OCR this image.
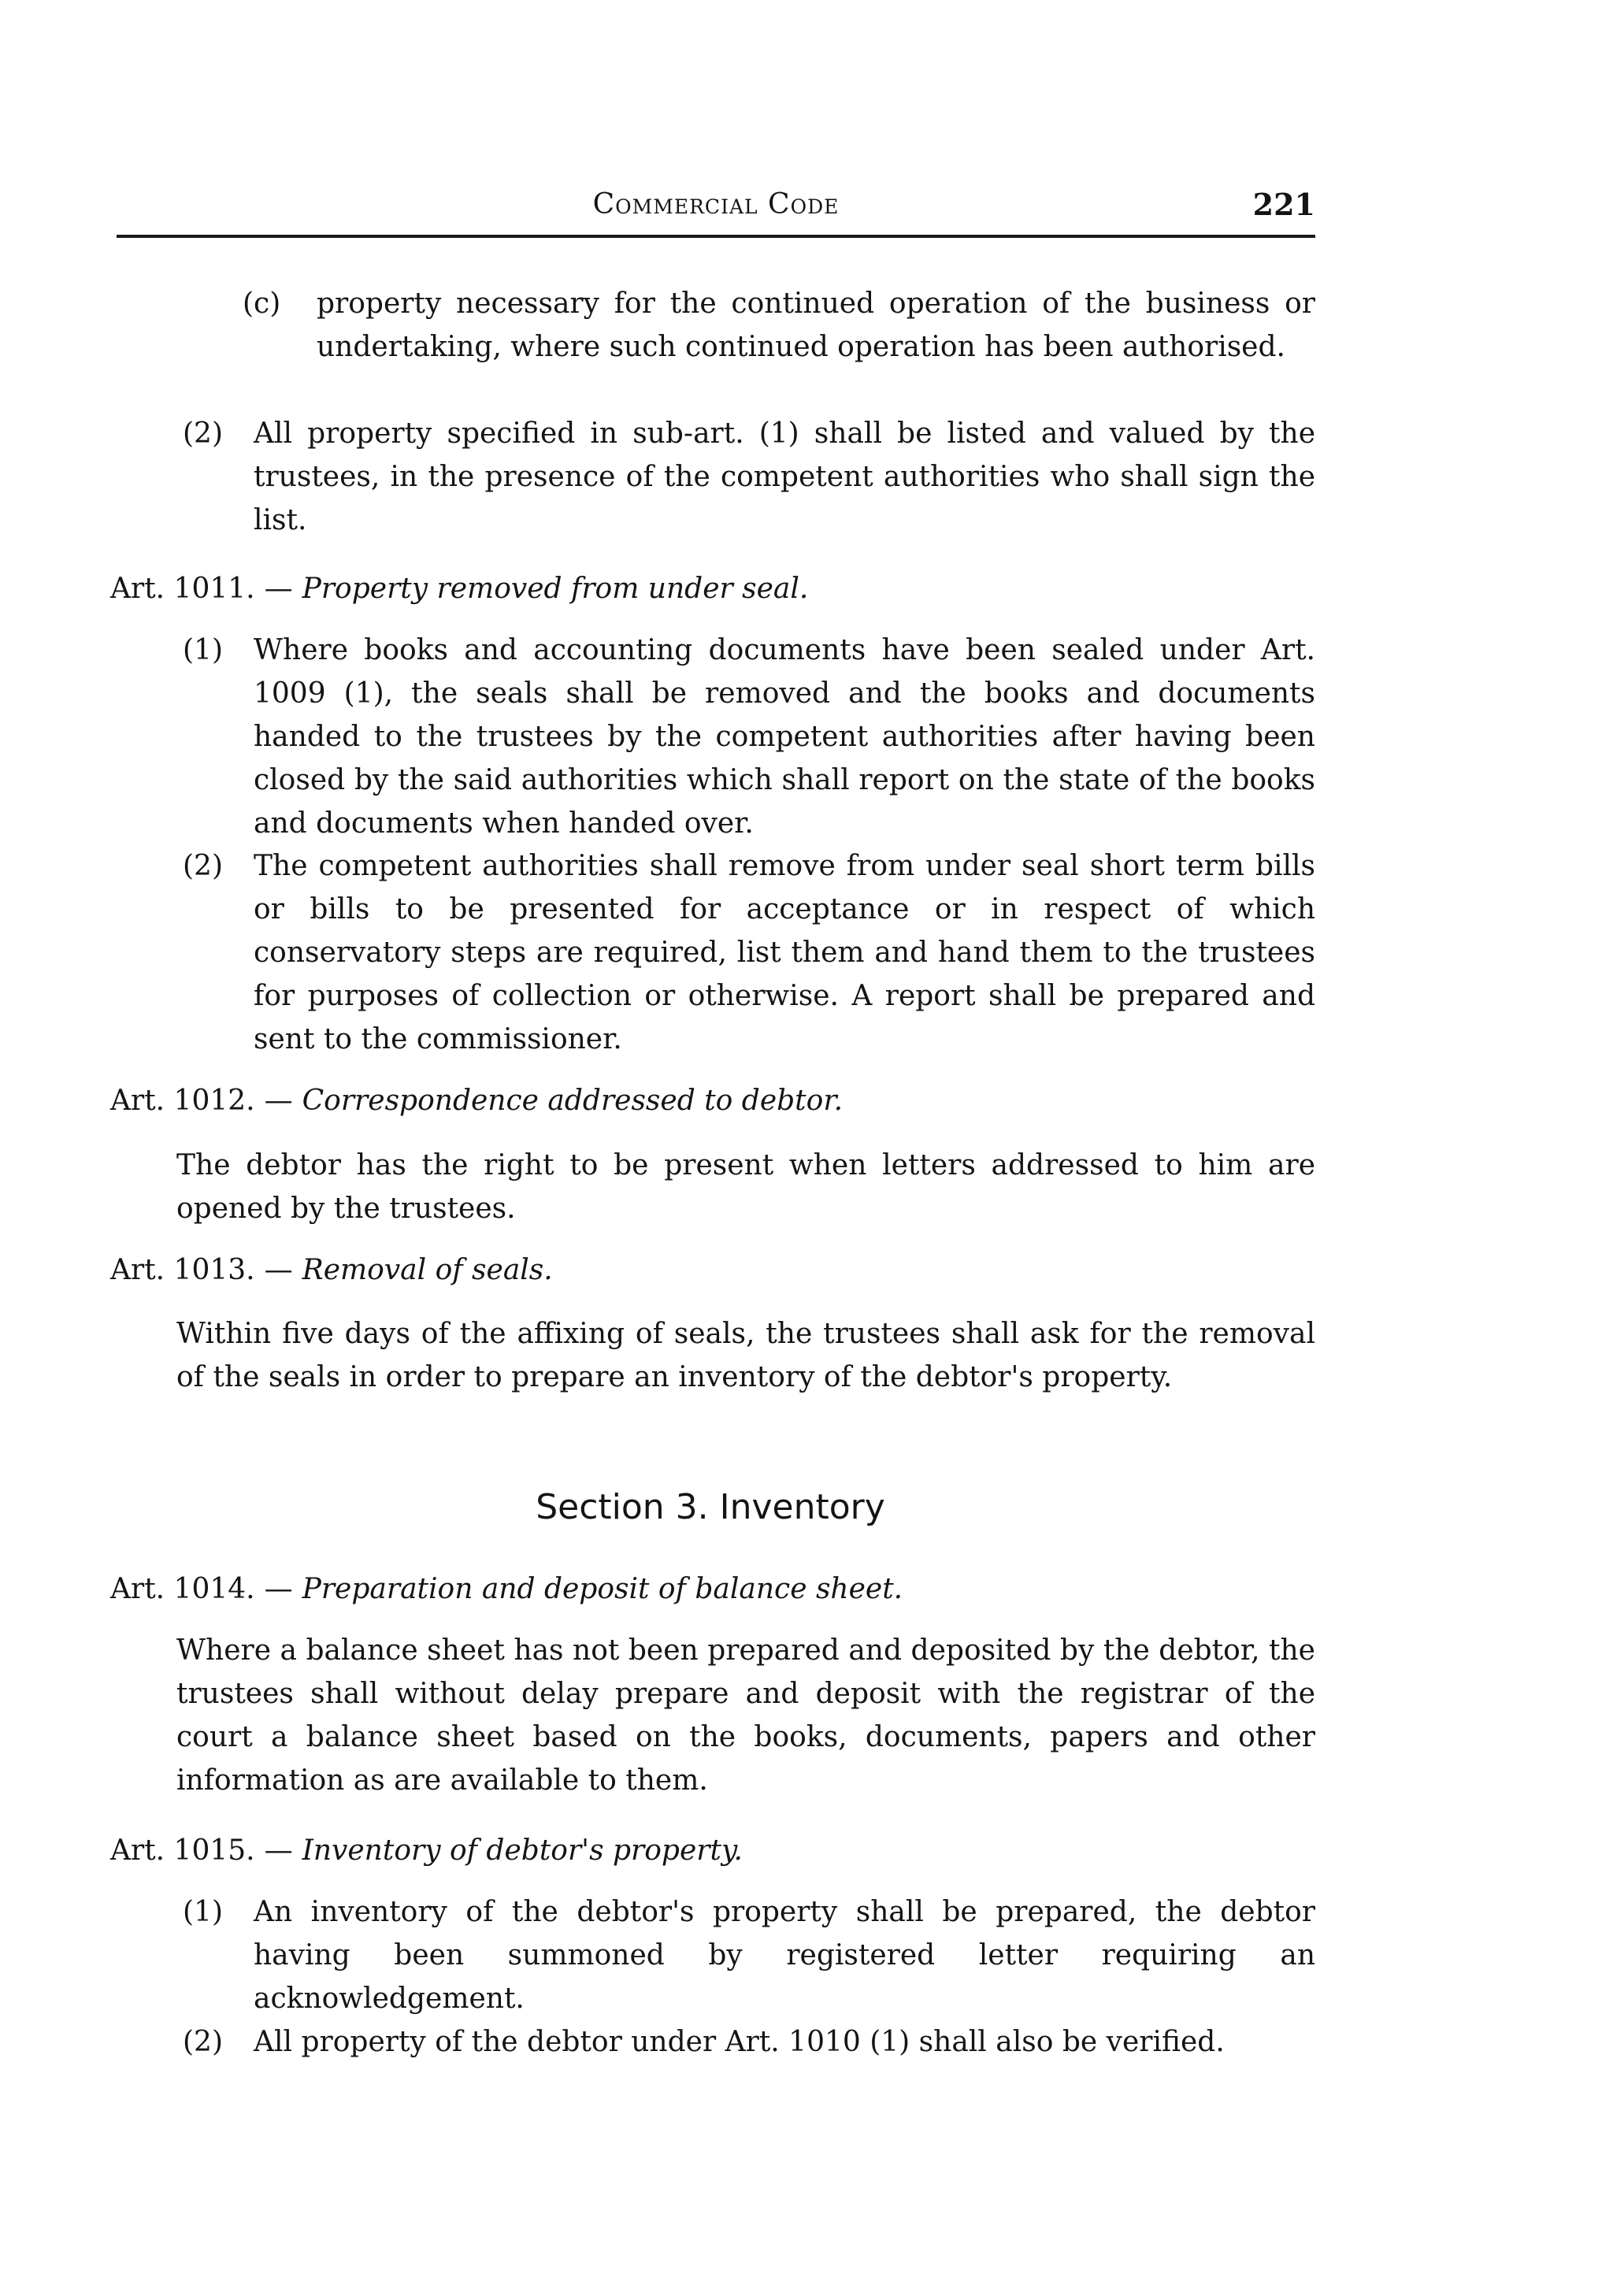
Commercial Code	221
(c) property necessary for the continued operation of the business or undertaking, where such continued operation has been authorised.
(2) All property specified in sub-art. (1) shall be listed and valued by the trustees, in the presence of the competent authorities who shall sign the list.
Art. 1011. — Property removed from under seal.
(1) Where books and accounting documents have been sealed under Art. 1009 (1), the seals shall be removed and the books and documents handed to the trustees by the competent authorities after having been closed by the said authorities which shall report on the state of the books and documents when handed over.
(2) The competent authorities shall remove from under seal short term bills or bills to be presented for acceptance or in respect of which conservatory steps are required, list them and hand them to the trustees for purposes of collection or otherwise. A report shall be prepared and sent to the commissioner.
Art. 1012. — Correspondence addressed to debtor.
The debtor has the right to be present when letters addressed to him are opened by the trustees.
Art. 1013. — Removal of seals.
Within five days of the affixing of seals, the trustees shall ask for the removal of the seals in order to prepare an inventory of the debtor's property.
Section 3. Inventory
Art. 1014. — Preparation and deposit of balance sheet.
Where a balance sheet has not been prepared and deposited by the debtor, the trustees shall without delay prepare and deposit with the registrar of the court a balance sheet based on the books, documents, papers and other information as are available to them.
Art. 1015. — Inventory of debtor's property.
(1) An inventory of the debtor's property shall be prepared, the debtor having been summoned by registered letter requiring an acknowledgement.
(2) All property of the debtor under Art. 1010 (1) shall also be verified.
